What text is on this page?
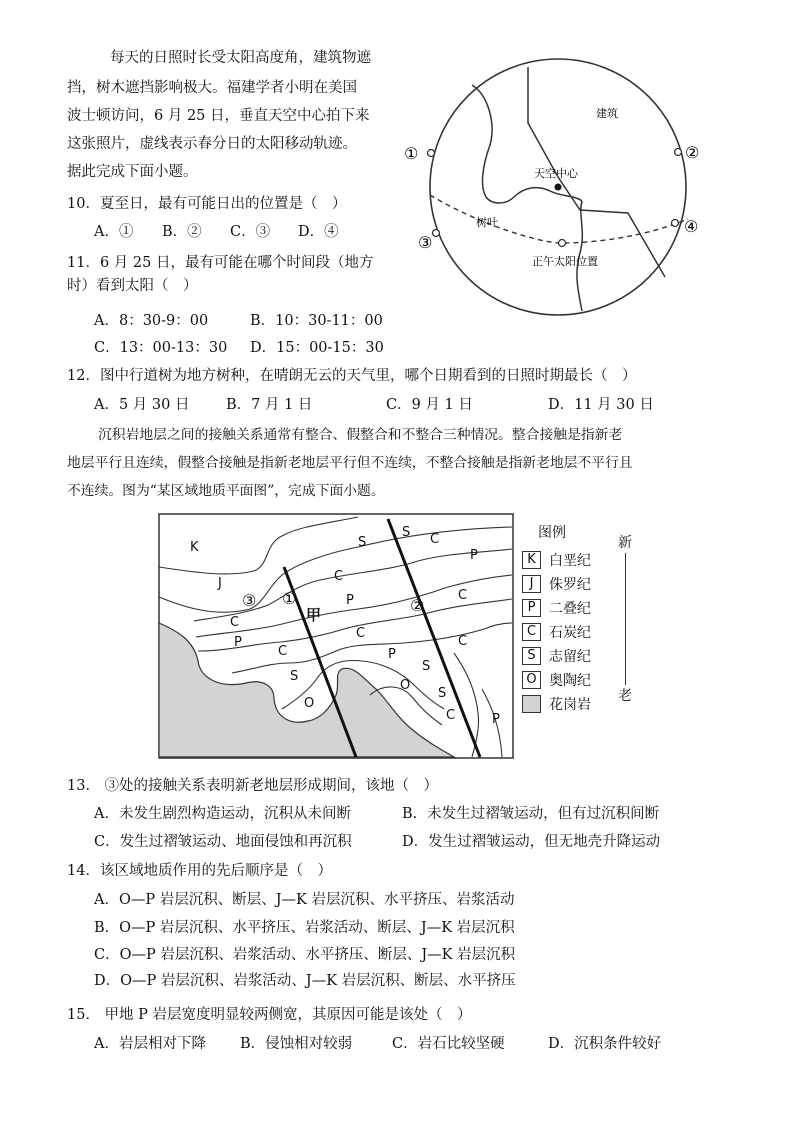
每天的日照时长受太阳高度角，建筑物遮
挡，树木遮挡影响极大。福建学者小明在美国
波士顿访问，6 月 25 日，垂直天空中心拍下来
这张照片，虚线表示春分日的太阳移动轨迹。
据此完成下面小题。
建筑
天空中心
树叶
正午太阳位置
①	②
③
④
10．夏至日，最有可能日出的位置是（　）
A．① B．② C．③ D．④
11．6 月 25 日，最有可能在哪个时间段（地方
时）看到太阳（　）
A．8：30-9：00	B．10：30-11：00
C．13：00-13：30 D．15：00-15：30
12．图中行道树为地方树种，在晴朗无云的天气里，哪个日期看到的日照时期最长（　）
A．5 月 30 日	B．7 月 1 日	C．9 月 1 日	D．11 月 30 日
沉积岩地层之间的接触关系通常有整合、假整合和不整合三种情况。整合接触是指新老
地层平行且连续，假整合接触是指新老地层平行但不连续，不整合接触是指新老地层不平行且
不连续。图为“某区域地质平面图”，完成下面小题。
K
J
③ ①
甲	②
S
C
P
C
P
C
S
C
P
C
S
O
S
O
C
C
P
S
P
C
图例
K 白垩纪
J 侏罗纪
P 二叠纪
C 石炭纪
S 志留纪
O 奥陶纪
花岗岩
新
老
13． ③处的接触关系表明新老地层形成期间，该地（　）
A．未发生剧烈构造运动，沉积从未间断	B．未发生过褶皱运动，但有过沉积间断
C．发生过褶皱运动、地面侵蚀和再沉积	D．发生过褶皱运动，但无地壳升降运动
14．该区域地质作用的先后顺序是（　）
A．O—P 岩层沉积、断层、J—K 岩层沉积、水平挤压、岩浆活动
B．O—P 岩层沉积、水平挤压、岩浆活动、断层、J—K 岩层沉积
C．O—P 岩层沉积、岩浆活动、水平挤压、断层、J—K 岩层沉积
D．O—P 岩层沉积、岩浆活动、J—K 岩层沉积、断层、水平挤压
15． 甲地 P 岩层宽度明显较两侧宽，其原因可能是该处（　）
A．岩层相对下降 B．侵蚀相对较弱	C．岩石比较坚硬	D．沉积条件较好
